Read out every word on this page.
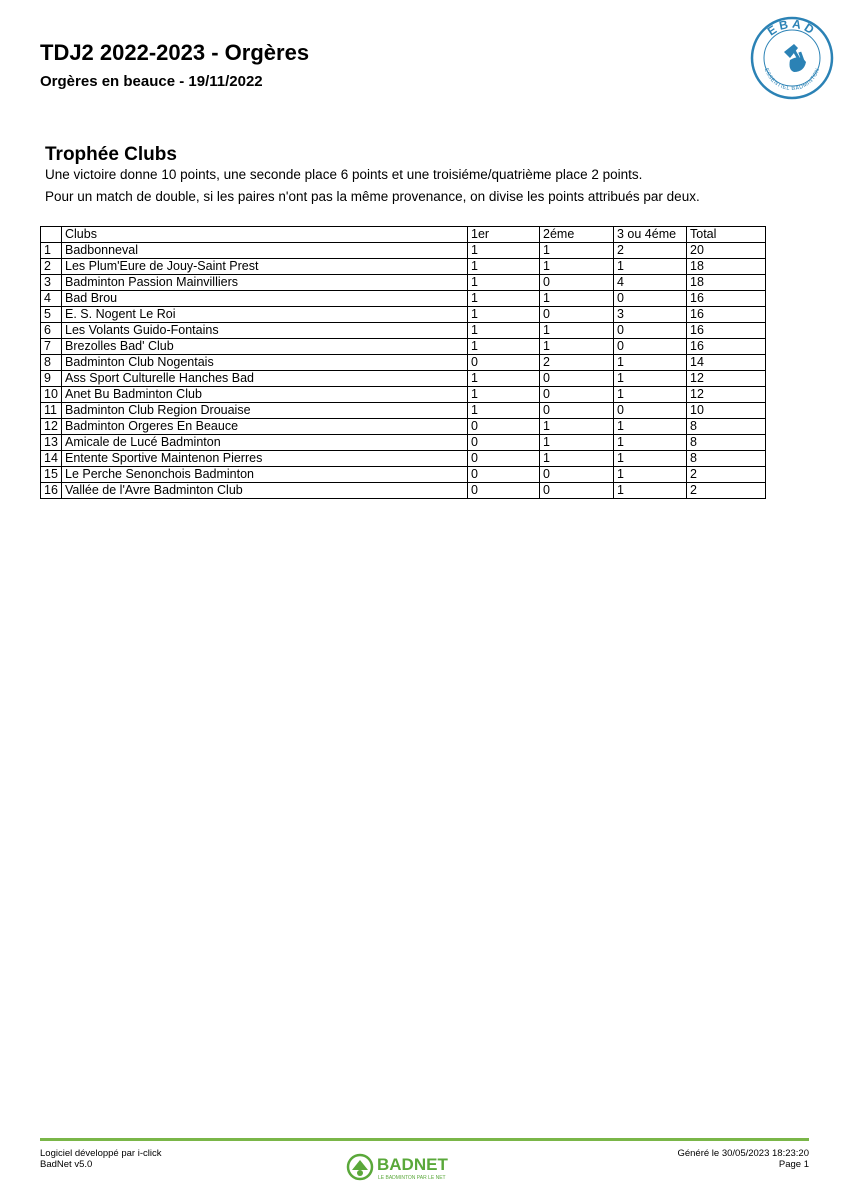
TDJ2 2022-2023 - Orgères
Orgères en beauce - 19/11/2022
EBAD
ESSENTIEL BADMINTON
Trophée Clubs
Une victoire donne 10 points, une seconde place 6 points et une troisiéme/quatrième place 2 points.
Pour un match de double, si les paires n'ont pas la même provenance, on divise les points attribués par deux.
	Clubs	1er	2éme	3 ou 4éme	Total
1	Badbonneval	1	1	2	20
2	Les Plum'Eure de Jouy-Saint Prest	1	1	1	18
3	Badminton Passion Mainvilliers	1	0	4	18
4	Bad Brou	1	1	0	16
5	E. S. Nogent Le Roi	1	0	3	16
6	Les Volants Guido-Fontains	1	1	0	16
7	Brezolles Bad' Club	1	1	0	16
8	Badminton Club Nogentais	0	2	1	14
9	Ass Sport Culturelle Hanches Bad	1	0	1	12
10	Anet Bu Badminton Club	1	0	1	12
11	Badminton Club Region Drouaise	1	0	0	10
12	Badminton Orgeres En Beauce	0	1	1	8
13	Amicale de Lucé Badminton	0	1	1	8
14	Entente Sportive Maintenon Pierres	0	1	1	8
15	Le Perche Senonchois Badminton	0	0	1	2
16	Vallée de l'Avre Badminton Club	0	0	1	2
Logiciel développé par i-click
BadNet v5.0	BADNET
LE BADMINTON PAR LE NET
Généré le 30/05/2023 18:23:20
Page 1
